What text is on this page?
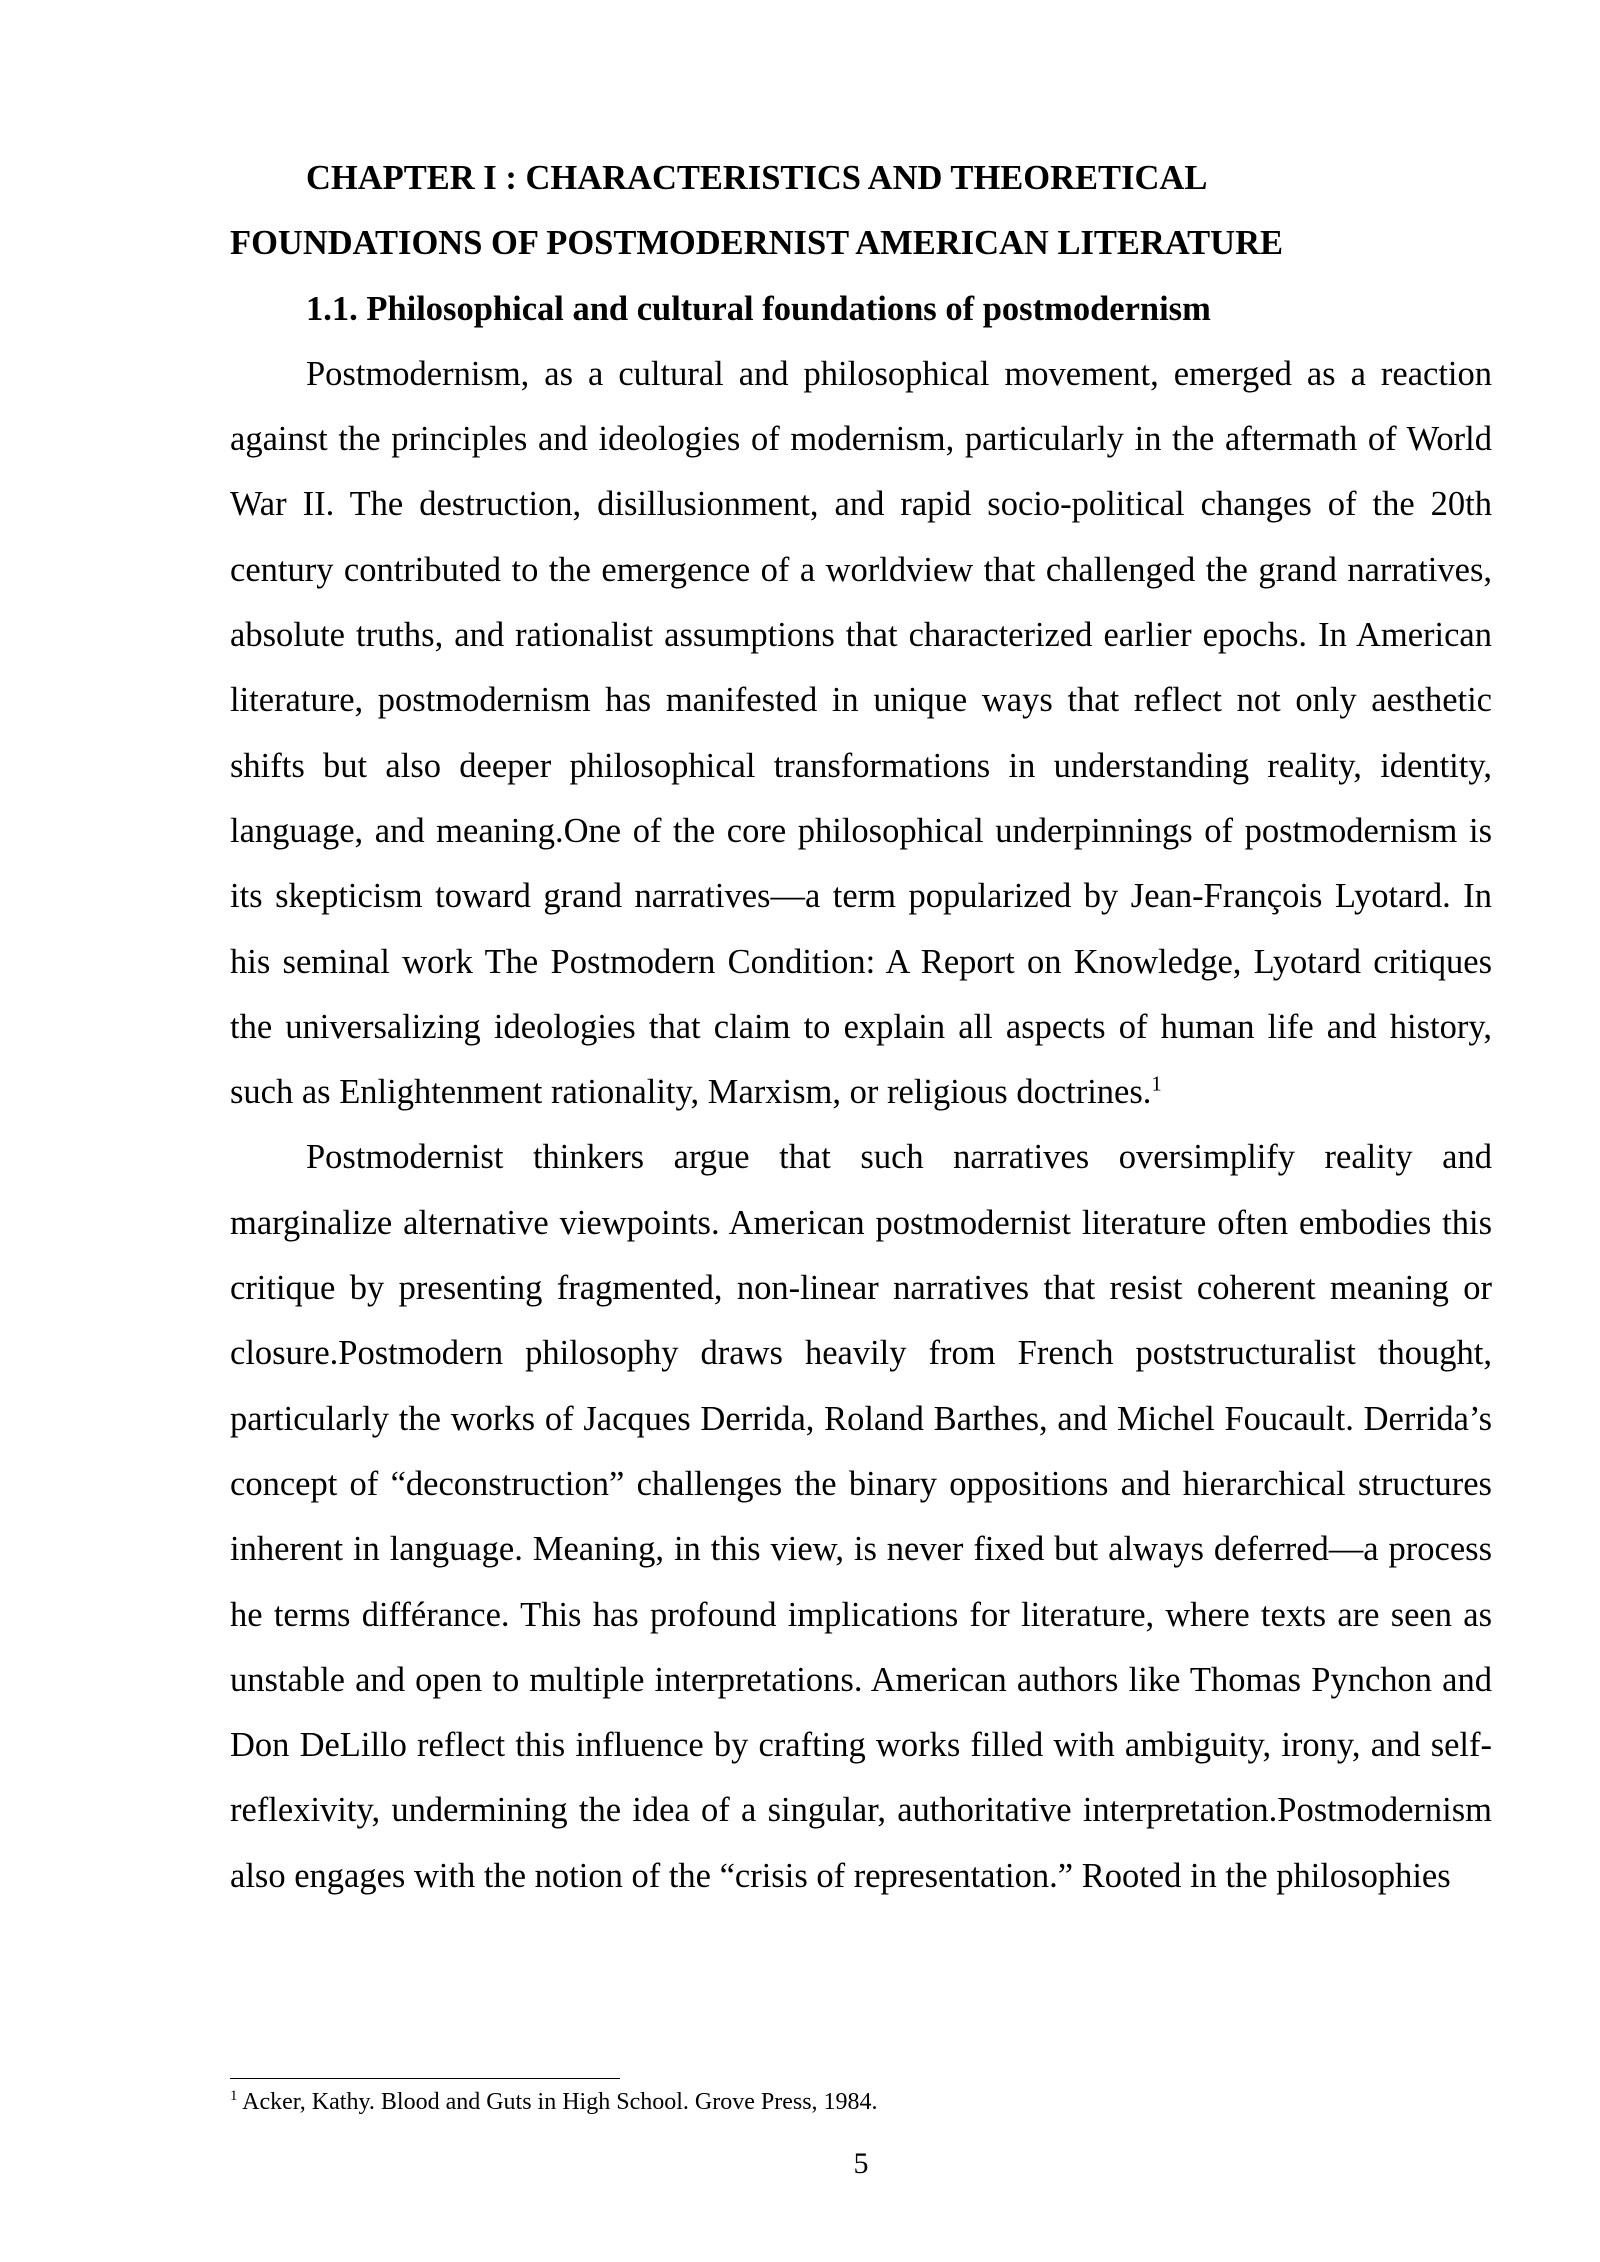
CHAPTER I : CHARACTERISTICS AND THEORETICAL
FOUNDATIONS OF POSTMODERNIST AMERICAN LITERATURE

1.1. Philosophical and cultural foundations of postmodernism

Postmodernism, as a cultural and philosophical movement, emerged as a reaction against the principles and ideologies of modernism, particularly in the aftermath of World War II. The destruction, disillusionment, and rapid socio-political changes of the 20th century contributed to the emergence of a worldview that challenged the grand narratives, absolute truths, and rationalist assumptions that characterized earlier epochs. In American literature, postmodernism has manifested in unique ways that reflect not only aesthetic shifts but also deeper philosophical transformations in understanding reality, identity, language, and meaning.One of the core philosophical underpinnings of postmodernism is its skepticism toward grand narratives—a term popularized by Jean-François Lyotard. In his seminal work The Postmodern Condition: A Report on Knowledge, Lyotard critiques the universalizing ideologies that claim to explain all aspects of human life and history, such as Enlightenment rationality, Marxism, or religious doctrines.$^1$

Postmodernist thinkers argue that such narratives oversimplify reality and marginalize alternative viewpoints. American postmodernist literature often embodies this critique by presenting fragmented, non-linear narratives that resist coherent meaning or closure.Postmodern philosophy draws heavily from French poststructuralist thought, particularly the works of Jacques Derrida, Roland Barthes, and Michel Foucault. Derrida’s concept of “deconstruction” challenges the binary oppositions and hierarchical structures inherent in language. Meaning, in this view, is never fixed but always deferred—a process he terms différance. This has profound implications for literature, where texts are seen as unstable and open to multiple interpretations. American authors like Thomas Pynchon and Don DeLillo reflect this influence by crafting works filled with ambiguity, irony, and self-reflexivity, undermining the idea of a singular, authoritative interpretation.Postmodernism also engages with the notion of the “crisis of representation.” Rooted in the philosophies

$^1$ Acker, Kathy. Blood and Guts in High School. Grove Press, 1984.
5
